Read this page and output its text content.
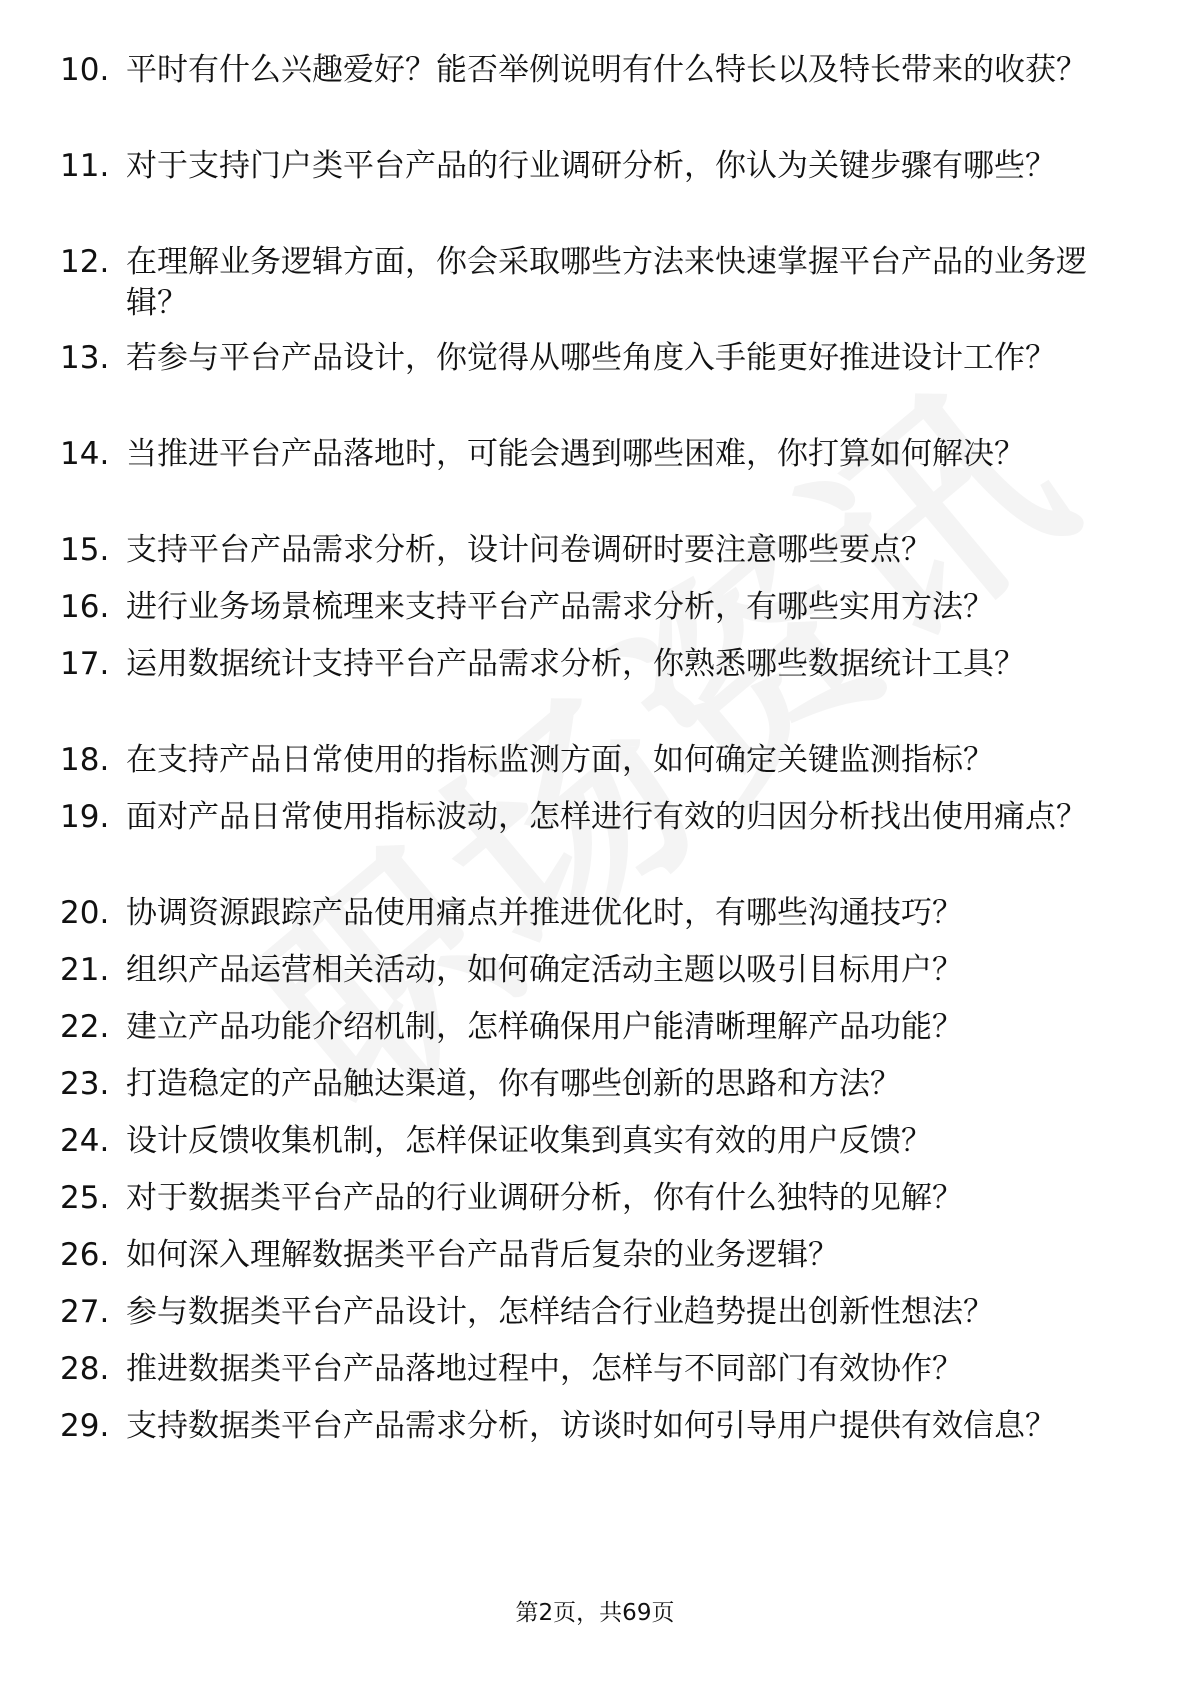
10. 平时有什么兴趣爱好？能否举例说明有什么特长以及特长带来的收获？
11. 对于支持门户类平台产品的行业调研分析，你认为关键步骤有哪些？
12. 在理解业务逻辑方面，你会采取哪些方法来快速掌握平台产品的业务逻辑？
13. 若参与平台产品设计，你觉得从哪些角度入手能更好推进设计工作？
14. 当推进平台产品落地时，可能会遇到哪些困难，你打算如何解决？
15. 支持平台产品需求分析，设计问卷调研时要注意哪些要点？
16. 进行业务场景梳理来支持平台产品需求分析，有哪些实用方法？
17. 运用数据统计支持平台产品需求分析，你熟悉哪些数据统计工具？
18. 在支持产品日常使用的指标监测方面，如何确定关键监测指标？
19. 面对产品日常使用指标波动，怎样进行有效的归因分析找出使用痛点？
20. 协调资源跟踪产品使用痛点并推进优化时，有哪些沟通技巧？
21. 组织产品运营相关活动，如何确定活动主题以吸引目标用户？
22. 建立产品功能介绍机制，怎样确保用户能清晰理解产品功能？
23. 打造稳定的产品触达渠道，你有哪些创新的思路和方法？
24. 设计反馈收集机制，怎样保证收集到真实有效的用户反馈？
25. 对于数据类平台产品的行业调研分析，你有什么独特的见解？
26. 如何深入理解数据类平台产品背后复杂的业务逻辑？
27. 参与数据类平台产品设计，怎样结合行业趋势提出创新性想法？
28. 推进数据类平台产品落地过程中，怎样与不同部门有效协作？
29. 支持数据类平台产品需求分析，访谈时如何引导用户提供有效信息？
第2页，共69页
